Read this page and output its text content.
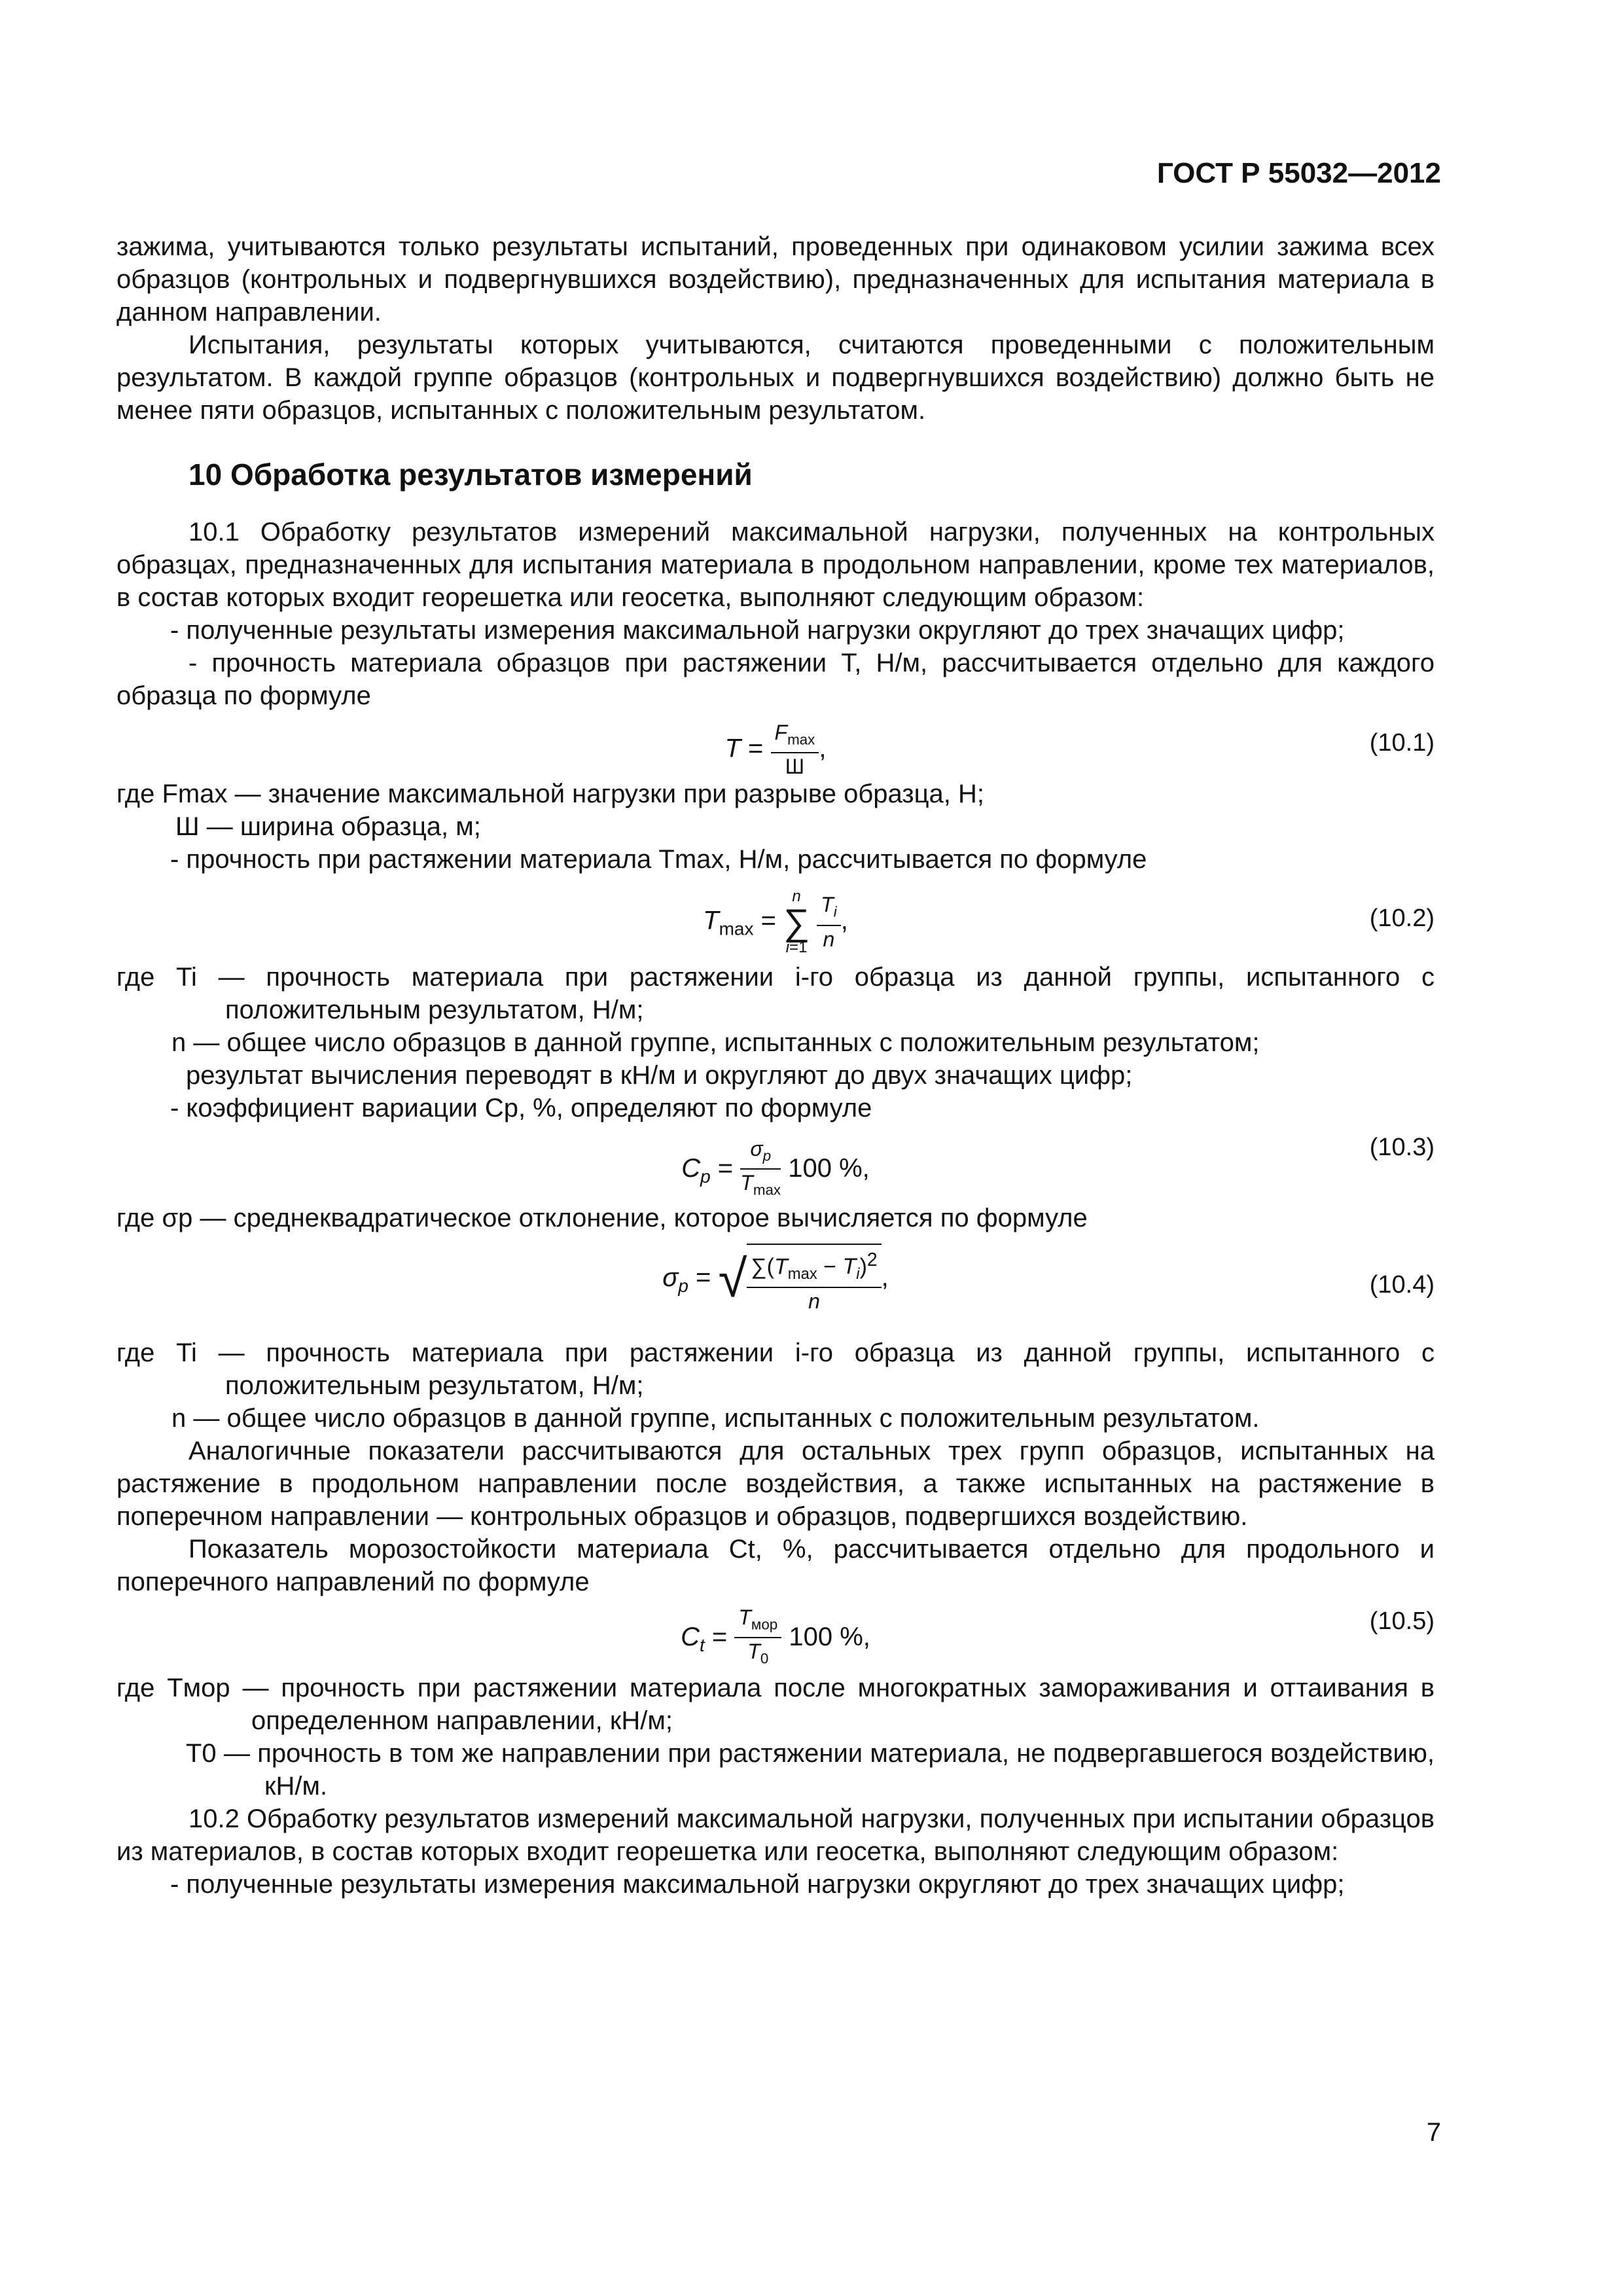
ГОСТ Р 55032—2012

зажима, учитываются только результаты испытаний, проведенных при одинаковом усилии зажима всех образцов (контрольных и подвергнувшихся воздействию), предназначенных для испытания материала в данном направлении.

Испытания, результаты которых учитываются, считаются проведенными с положительным результатом. В каждой группе образцов (контрольных и подвергнувшихся воздействию) должно быть не менее пяти образцов, испытанных с положительным результатом.

10 Обработка результатов измерений

10.1 Обработку результатов измерений максимальной нагрузки, полученных на контрольных образцах, предназначенных для испытания материала в продольном направлении, кроме тех материалов, в состав которых входит георешетка или геосетка, выполняют следующим образом:

- полученные результаты измерения максимальной нагрузки округляют до трех значащих цифр;

- прочность материала образцов при растяжении T, Н/м, рассчитывается отдельно для каждого образца по формуле

$T = \frac{F_{max}}{Ш}$ ,	(10.1)

где Fmax — значение максимальной нагрузки при разрыве образца, Н;

Ш — ширина образца, м;

- прочность при растяжении материала Tmax, Н/м, рассчитывается по формуле

$T_{max}$ =
n
∑
i=1
$\frac{T_i}{n}$ ,	(10.2)

где Ti — прочность материала при растяжении i-го образца из данной группы, испытанного с положительным результатом, Н/м;

n — общее число образцов в данной группе, испытанных с положительным результатом;

результат вычисления переводят в кН/м и округляют до двух значащих цифр;

- коэффициент вариации Cp, %, определяют по формуле

$C_p = \frac{\sigma_p}{T_{max}} 100$ %,
(10.3)

где σp — среднеквадратическое отклонение, которое вычисляется по формуле

$\sigma_p$ = √ $\frac{\sum(T_{max} - T_i)^2}{n}$ ,	(10.4)

где Ti — прочность материала при растяжении i-го образца из данной группы, испытанного с положительным результатом, Н/м;

n — общее число образцов в данной группе, испытанных с положительным результатом.

Аналогичные показатели рассчитываются для остальных трех групп образцов, испытанных на растяжение в продольном направлении после воздействия, а также испытанных на растяжение в поперечном направлении — контрольных образцов и образцов, подвергшихся воздействию.

Показатель морозостойкости материала Ct, %, рассчитывается отдельно для продольного и поперечного направлений по формуле

$C_t = \frac{T_{мор}}{T_0} 100$ %,
(10.5)

где Tмор — прочность при растяжении материала после многократных замораживания и оттаивания в определенном направлении, кН/м;

T0 — прочность в том же направлении при растяжении материала, не подвергавшегося воздействию, кН/м.

10.2 Обработку результатов измерений максимальной нагрузки, полученных при испытании образцов из материалов, в состав которых входит георешетка или геосетка, выполняют следующим образом:

- полученные результаты измерения максимальной нагрузки округляют до трех значащих цифр;

7
